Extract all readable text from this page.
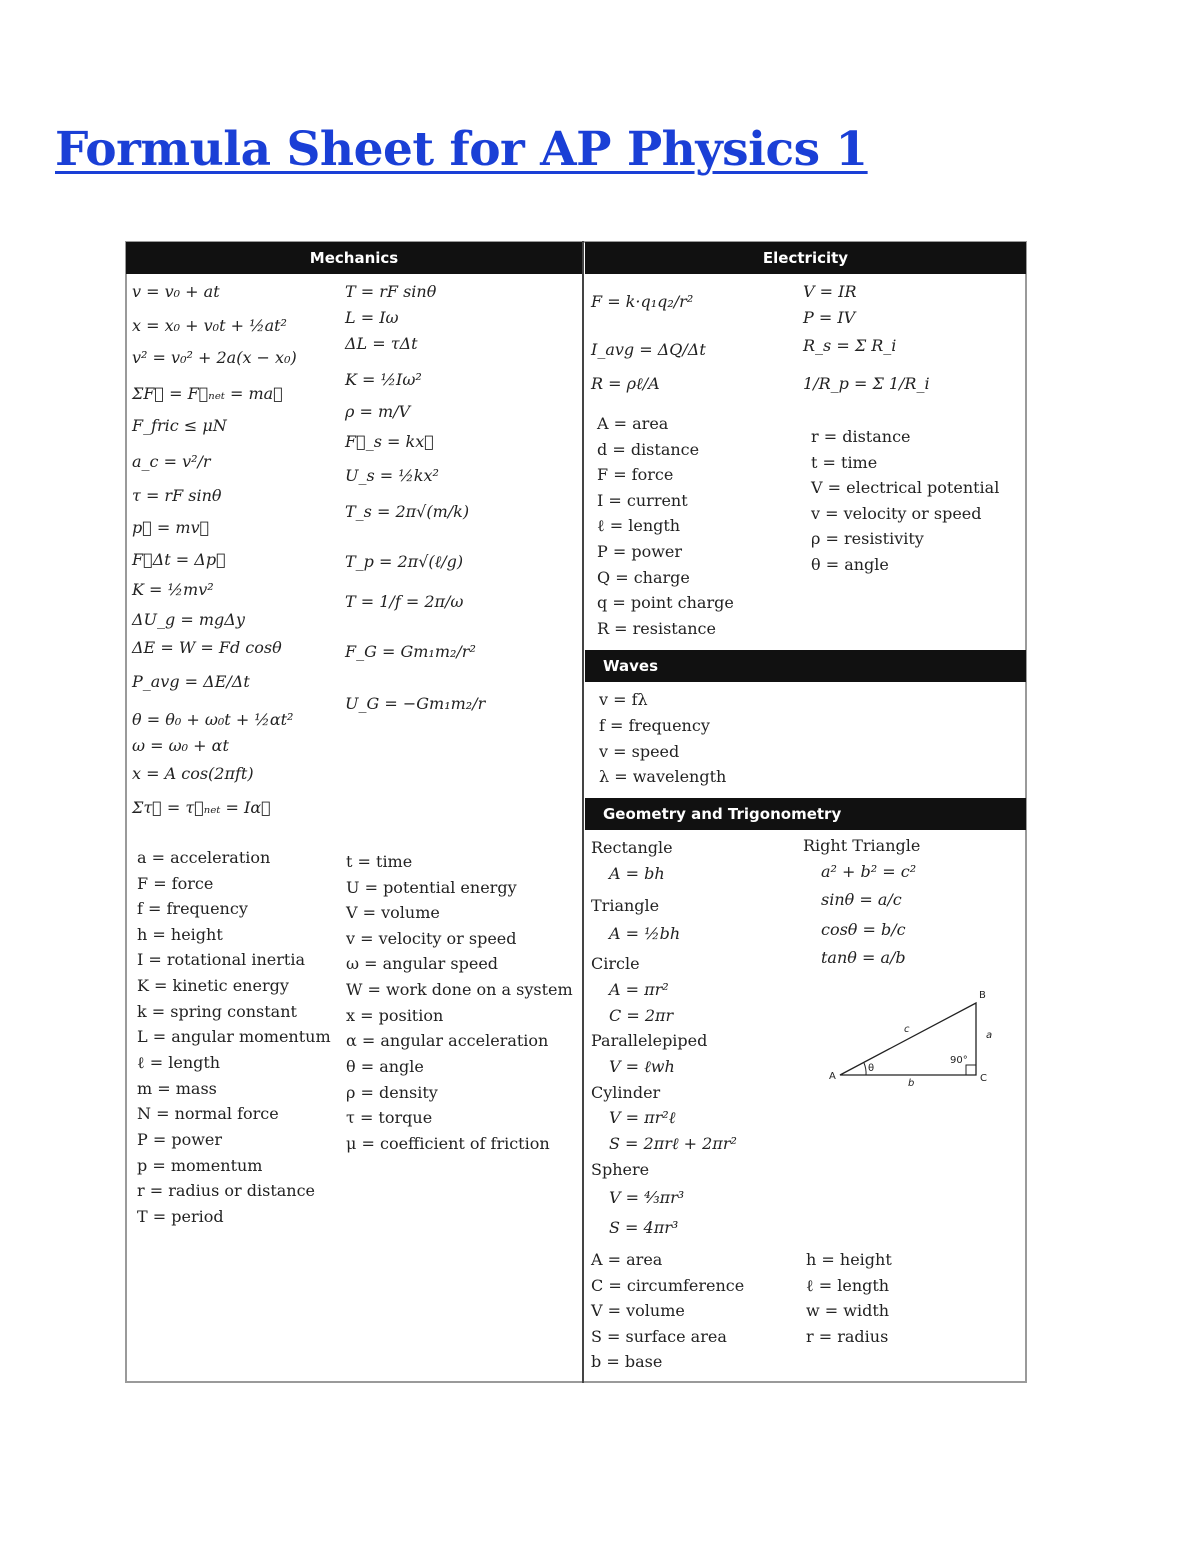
Formula Sheet for AP Physics 1
Mechanics	Electricity
Waves
Geometry and Trigonometry
v = v₀ + at
x = x₀ + v₀t + ½at²
v² = v₀² + 2a(x − x₀)
ΣF⃗ = F⃗ₙₑₜ = ma⃗
F_fric ≤ μN
a_c = v²/r
τ = rF sinθ
p⃗ = mv⃗
F⃗Δt = Δp⃗
K = ½mv²
ΔU_g = mgΔy
ΔE = W = Fd cosθ
P_avg = ΔE/Δt
θ = θ₀ + ω₀t + ½αt²
ω = ω₀ + αt
x = A cos(2πft)
Στ⃗ = τ⃗ₙₑₜ = Iα⃗
T = rF sinθ
L = Iω
ΔL = τΔt
K = ½Iω²
ρ = m/V
F⃗_s = kx⃗
U_s = ½kx²
T_s = 2π√(m/k)
T_p = 2π√(ℓ/g)
T = 1/f = 2π/ω
F_G = Gm₁m₂/r²
U_G = −Gm₁m₂/r
a = acceleration
F = force
f = frequency
h = height
I = rotational inertia
K = kinetic energy
k = spring constant
L = angular momentum
ℓ = length
m = mass
N = normal force
P = power
p = momentum
r = radius or distance
T = period
t = time
U = potential energy
V = volume
v = velocity or speed
ω = angular speed
W = work done on a system
x = position
α = angular acceleration
θ = angle
ρ = density
τ = torque
μ = coefficient of friction
F = k·q₁q₂/r²
I_avg = ΔQ/Δt
R = ρℓ/A
V = IR
P = IV
R_s = Σ R_i
1/R_p = Σ 1/R_i
A = area
d = distance
F = force
I = current
ℓ = length
P = power
Q = charge
q = point charge
R = resistance
r = distance
t = time
V = electrical potential
v = velocity or speed
ρ = resistivity
θ = angle
v = fλ
f = frequency
v = speed
λ = wavelength
Rectangle
A = bh
Triangle
A = ½bh
Circle
A = πr²
C = 2πr
Parallelepiped
V = ℓwh
Cylinder
V = πr²ℓ
S = 2πrℓ + 2πr²
Sphere
V = ⁴⁄₃πr³
S = 4πr³
Right Triangle
a² + b² = c²
sinθ = a/c
cosθ = b/c
tanθ = a/b
A
B
C
a
b
c
θ
90°
A = area
C = circumference
V = volume
S = surface area
b = base
h = height
ℓ = length
w = width
r = radius
